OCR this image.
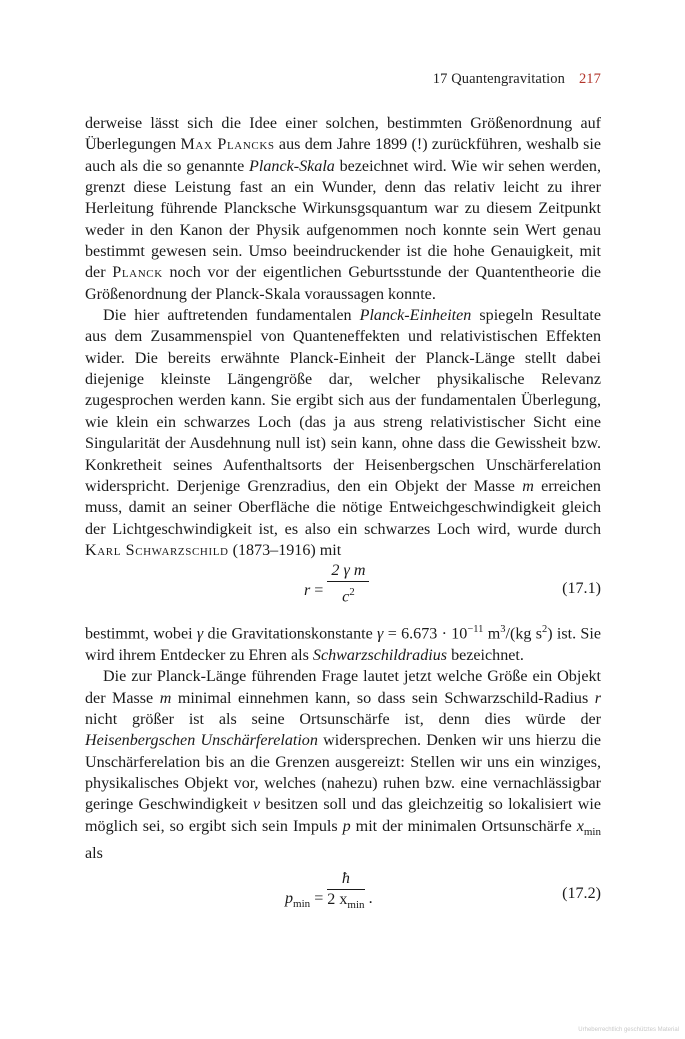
17 Quantengravitation 217

derweise lässt sich die Idee einer solchen, bestimmten Größenordnung auf Überlegungen Max Plancks aus dem Jahre 1899 (!) zurückführen, weshalb sie auch als die so genannte Planck-Skala bezeichnet wird. Wie wir sehen werden, grenzt diese Leistung fast an ein Wunder, denn das relativ leicht zu ihrer Herleitung führende Plancksche Wirkunsgsquantum war zu diesem Zeitpunkt weder in den Kanon der Physik aufgenommen noch konnte sein Wert genau bestimmt gewesen sein. Umso beeindruckender ist die hohe Genauigkeit, mit der Planck noch vor der eigentlichen Geburtsstunde der Quantentheorie die Größenordnung der Planck-Skala voraussagen konnte.

Die hier auftretenden fundamentalen Planck-Einheiten spiegeln Resultate aus dem Zusammenspiel von Quanteneffekten und relativistischen Effekten wider. Die bereits erwähnte Planck-Einheit der Planck-Länge stellt dabei diejenige kleinste Längengröße dar, welcher physikalische Relevanz zugesprochen werden kann. Sie ergibt sich aus der fundamentalen Überlegung, wie klein ein schwarzes Loch (das ja aus streng relativistischer Sicht eine Singularität der Ausdehnung null ist) sein kann, ohne dass die Gewissheit bzw. Konkretheit seines Aufenthaltsorts der Heisenbergschen Unschärferelation widerspricht. Derjenige Grenzradius, den ein Objekt der Masse m erreichen muss, damit an seiner Oberfläche die nötige Entweichgeschwindigkeit gleich der Lichtgeschwindigkeit ist, es also ein schwarzes Loch wird, wurde durch Karl Schwarzschild (1873–1916) mit

$r = \frac{\text{2 γ m}}{c^2}$	(17.1)

bestimmt, wobei γ die Gravitationskonstante $\gamma = 6.673 \cdot 10^{-11}$ $m^3/(kg$ $s^2$) ist. Sie wird ihrem Entdecker zu Ehren als Schwarzschildradius bezeichnet.

Die zur Planck-Länge führenden Frage lautet jetzt welche Größe ein Objekt der Masse m minimal einnehmen kann, so dass sein Schwarzschild-Radius r nicht größer ist als seine Ortsunschärfe ist, denn dies würde der Heisenbergschen Unschärferelation widersprechen. Denken wir uns hierzu die Unschärferelation bis an die Grenzen ausgereizt: Stellen wir uns ein winziges, physikalisches Objekt vor, welches (nahezu) ruhen bzw. eine vernachlässigbar geringe Geschwindigkeit v besitzen soll und das gleichzeitig so lokalisiert wie möglich sei, so ergibt sich sein Impuls p mit der minimalen Ortsunschärfe $x_{min}$ als

$p_{min} = \frac{ħ}{2 x_{min}}$ .	(17.2)
Urheberrechtlich geschütztes Material
